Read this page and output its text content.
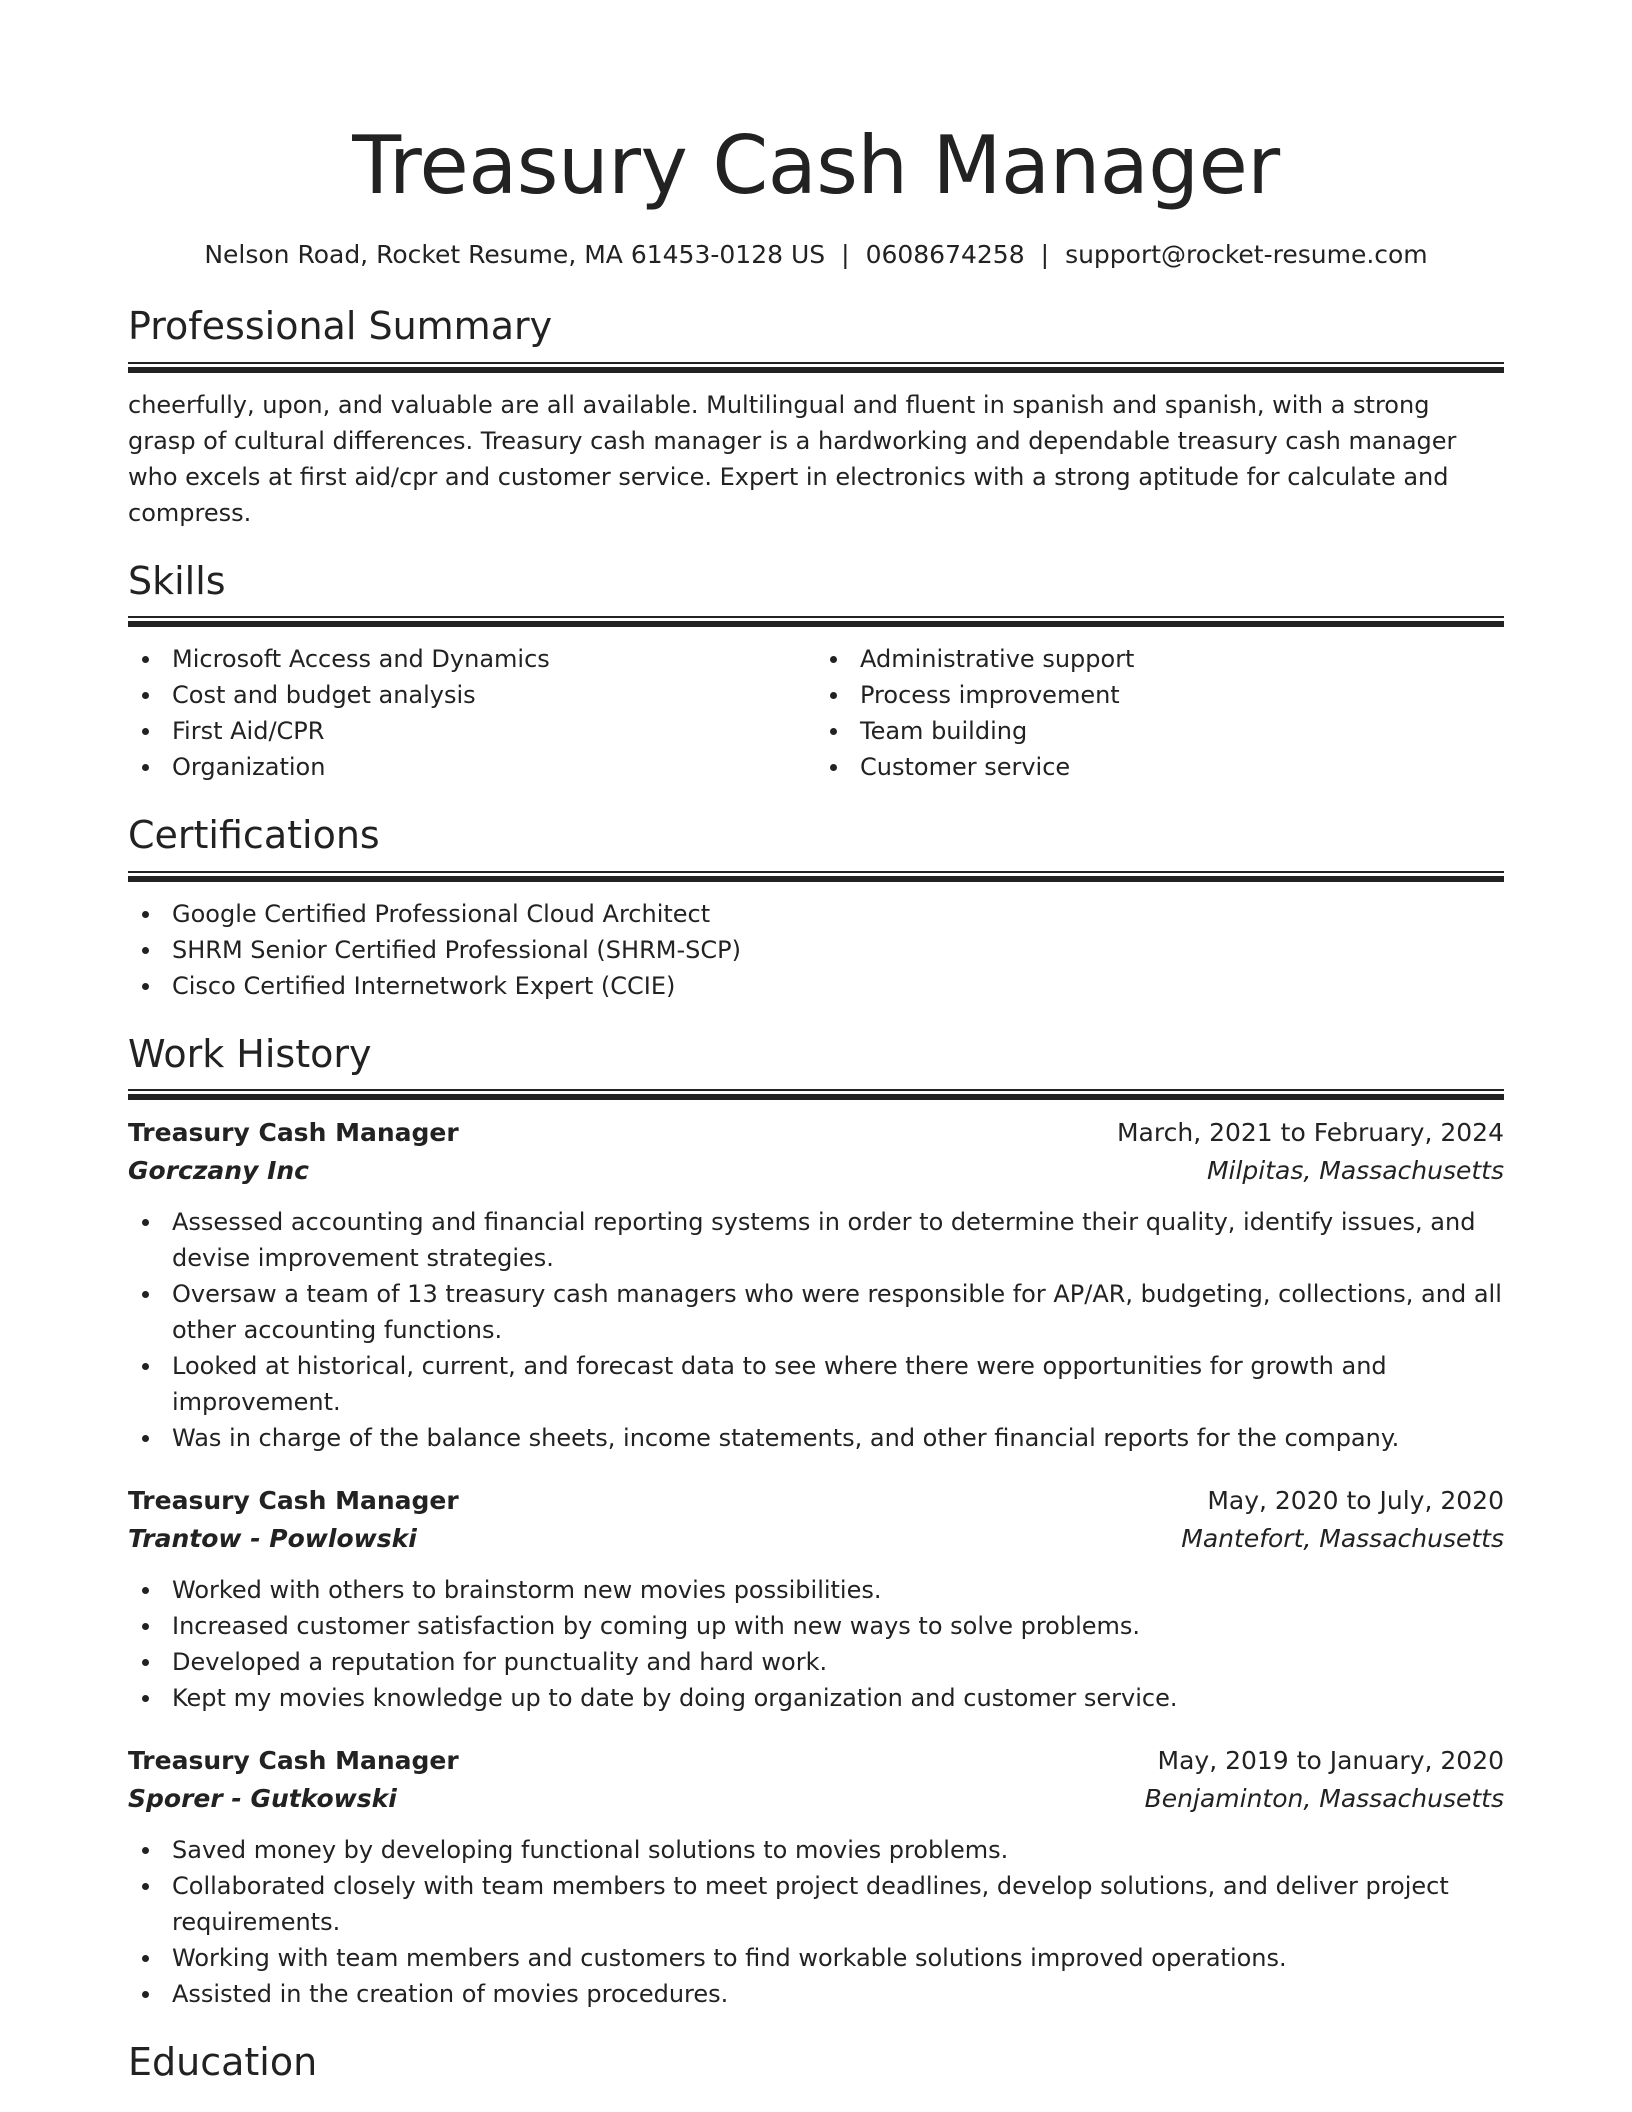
Treasury Cash Manager
Nelson Road, Rocket Resume, MA 61453-0128 US | 0608674258 | support@rocket-resume.com
Professional Summary

cheerfully, upon, and valuable are all available. Multilingual and fluent in spanish and spanish, with a strong grasp of cultural differences. Treasury cash manager is a hardworking and dependable treasury cash manager who excels at first aid/cpr and customer service. Expert in electronics with a strong aptitude for calculate and compress.

Skills
Microsoft Access and Dynamics
Cost and budget analysis
First Aid/CPR
Organization
Administrative support
Process improvement
Team building
Customer service
Certifications
Google Certified Professional Cloud Architect
SHRM Senior Certified Professional (SHRM-SCP)
Cisco Certified Internetwork Expert (CCIE)
Work History
Treasury Cash Manager	March, 2021 to February, 2024
Gorczany Inc	Milpitas, Massachusetts
Assessed accounting and financial reporting systems in order to determine their quality, identify issues, and devise improvement strategies.
Oversaw a team of 13 treasury cash managers who were responsible for AP/AR, budgeting, collections, and all other accounting functions.
Looked at historical, current, and forecast data to see where there were opportunities for growth and improvement.
Was in charge of the balance sheets, income statements, and other financial reports for the company.
Treasury Cash Manager	May, 2020 to July, 2020
Trantow - Powlowski	Mantefort, Massachusetts
Worked with others to brainstorm new movies possibilities.
Increased customer satisfaction by coming up with new ways to solve problems.
Developed a reputation for punctuality and hard work.
Kept my movies knowledge up to date by doing organization and customer service.
Treasury Cash Manager	May, 2019 to January, 2020
Sporer - Gutkowski	Benjaminton, Massachusetts
Saved money by developing functional solutions to movies problems.
Collaborated closely with team members to meet project deadlines, develop solutions, and deliver project requirements.
Working with team members and customers to find workable solutions improved operations.
Assisted in the creation of movies procedures.
Education
